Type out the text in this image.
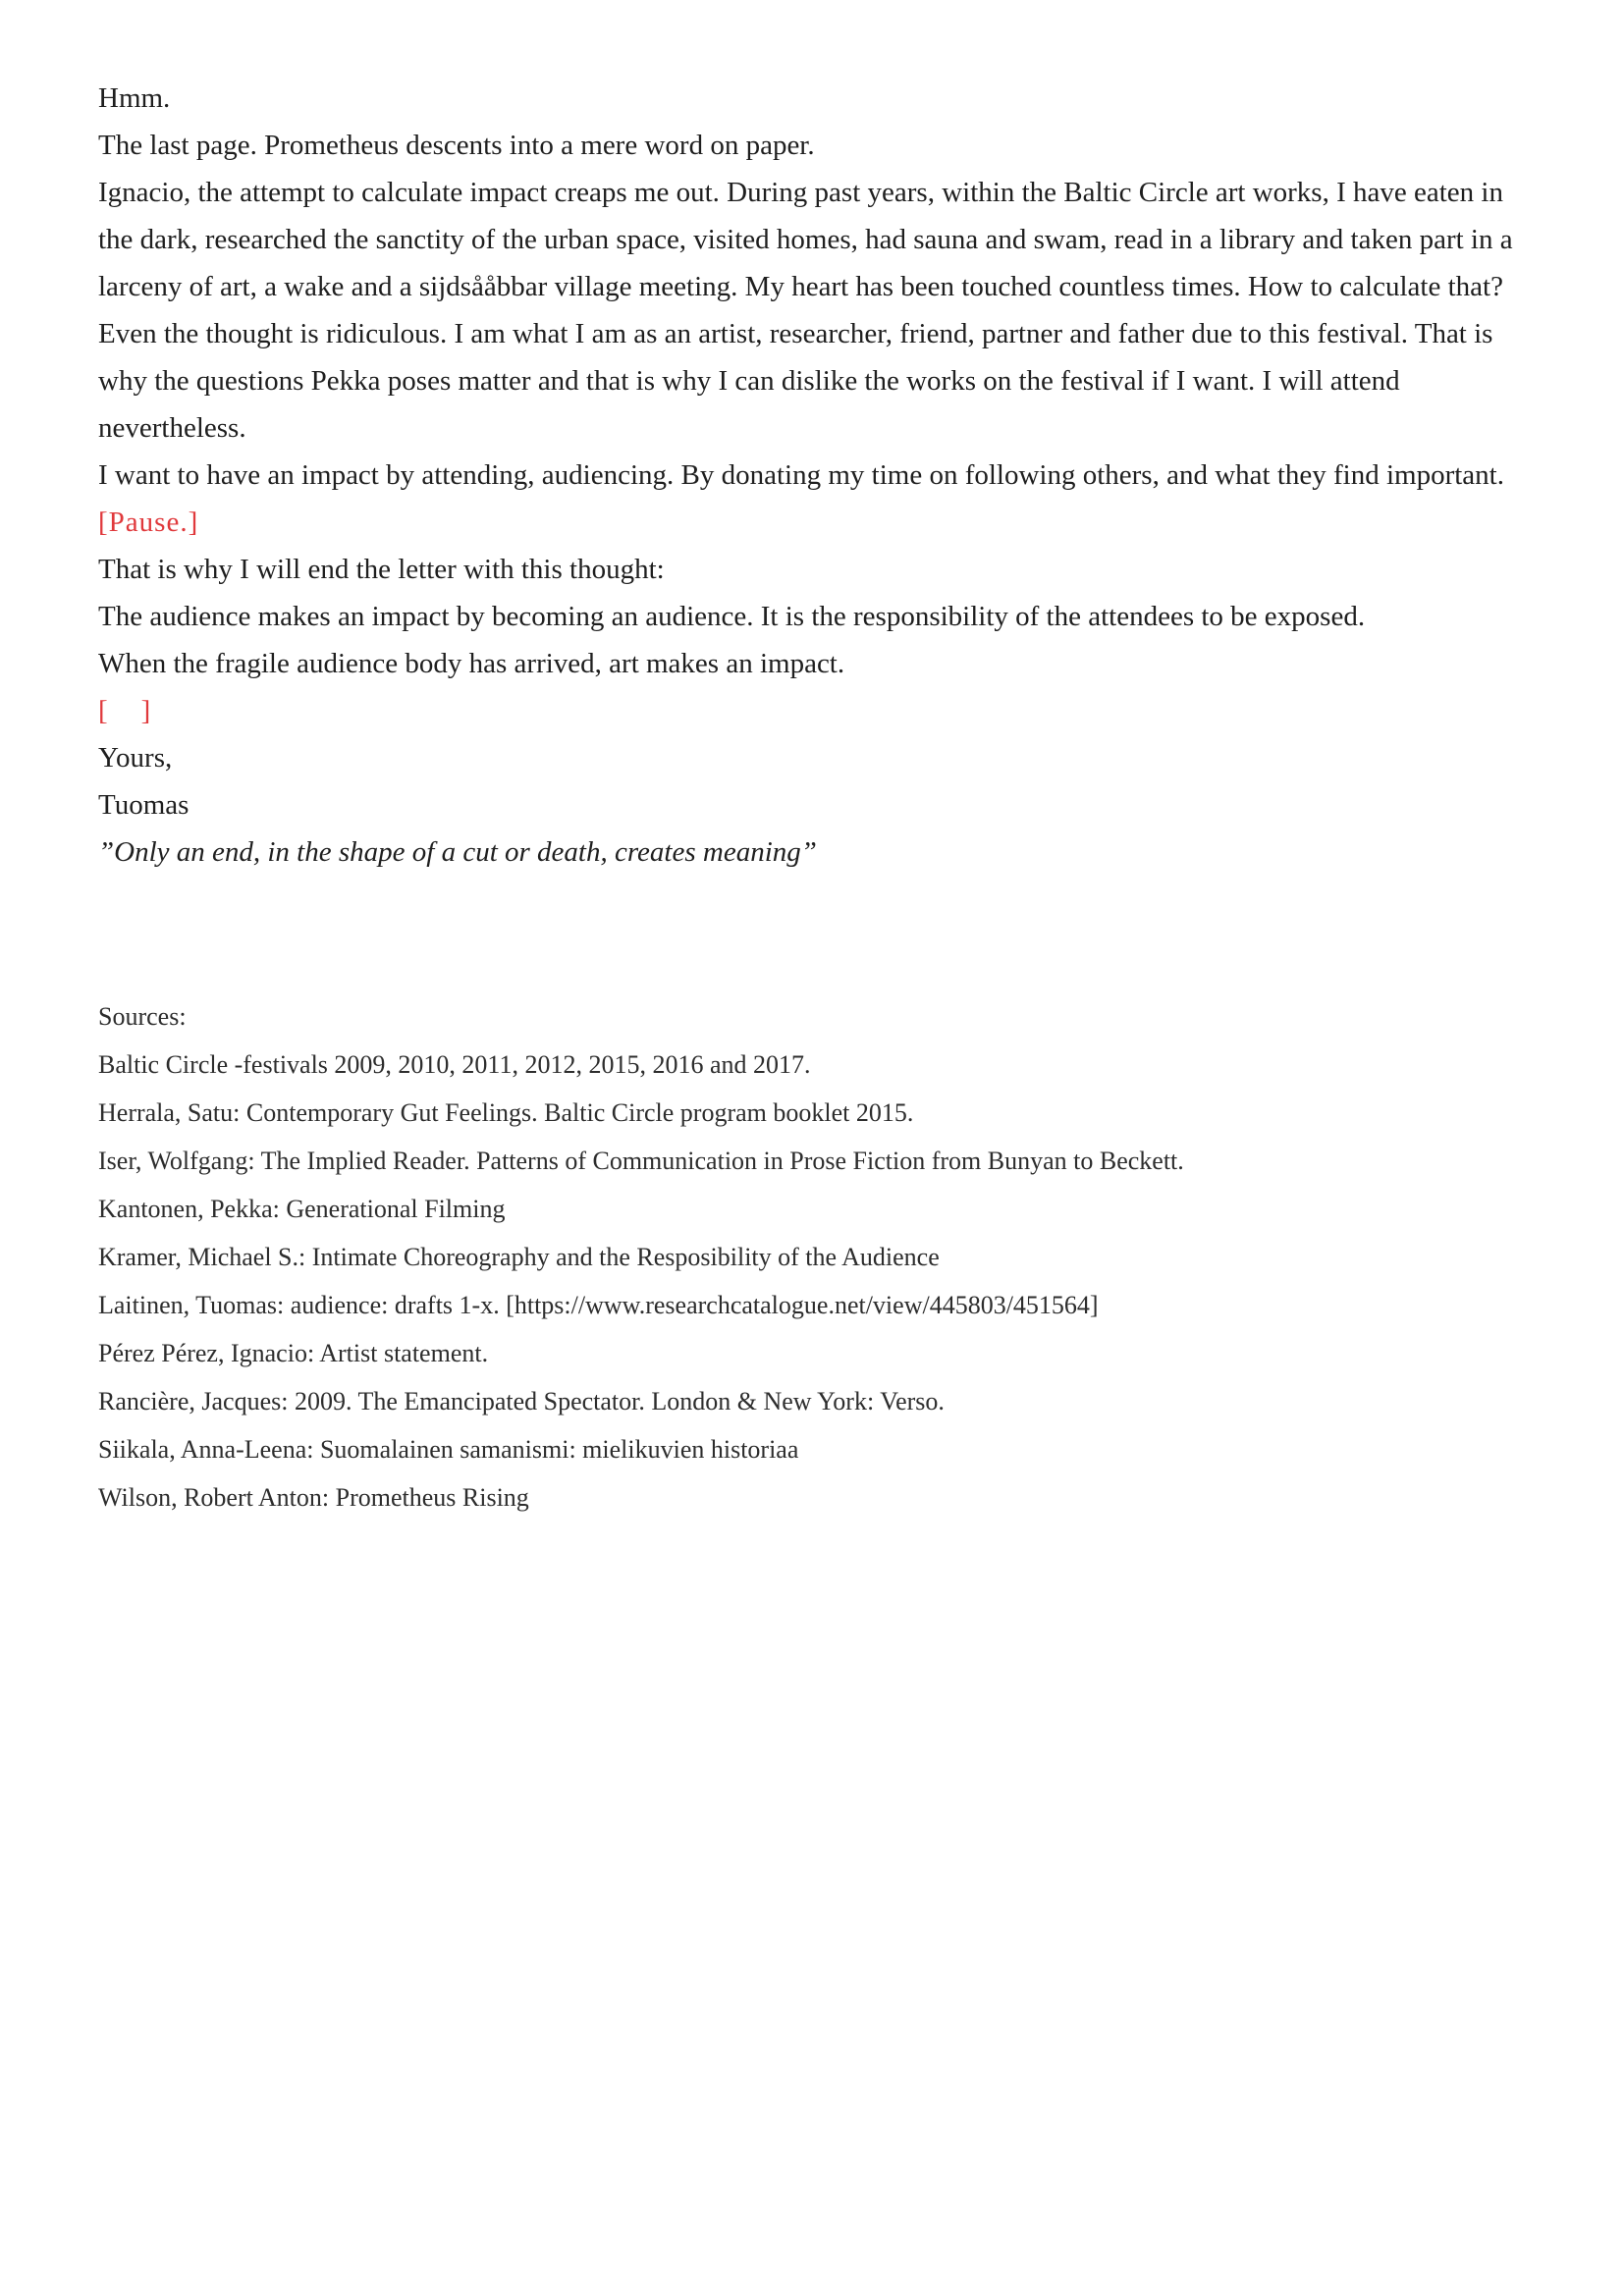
Hmm.

The last page. Prometheus descents into a mere word on paper.

Ignacio, the attempt to calculate impact creaps me out. During past years, within the Baltic Circle art works, I have eaten in the dark, researched the sanctity of the urban space, visited homes, had sauna and swam, read in a library and taken part in a larceny of art, a wake and a sijdsååbbar village meeting. My heart has been touched countless times. How to calculate that? Even the thought is ridiculous. I am what I am as an artist, researcher, friend, partner and father due to this festival. That is why the questions Pekka poses matter and that is why I can dislike the works on the festival if I want. I will attend nevertheless.

I want to have an impact by attending, audiencing. By donating my time on following others, and what they find important.

[Pause.]

That is why I will end the letter with this thought:

The audience makes an impact by becoming an audience. It is the responsibility of the attendees to be exposed.

When the fragile audience body has arrived, art makes an impact.

[    ]

Yours,

Tuomas

”Only an end, in the shape of a cut or death, creates meaning”

Sources:

Baltic Circle -festivals 2009, 2010, 2011, 2012, 2015, 2016 and 2017.

Herrala, Satu: Contemporary Gut Feelings. Baltic Circle program booklet 2015.

Iser, Wolfgang: The Implied Reader. Patterns of Communication in Prose Fiction from Bunyan to Beckett.

Kantonen, Pekka: Generational Filming

Kramer, Michael S.: Intimate Choreography and the Resposibility of the Audience

Laitinen, Tuomas: audience: drafts 1-x. [https://www.researchcatalogue.net/view/445803/451564]

Pérez Pérez, Ignacio: Artist statement.

Rancière, Jacques: 2009. The Emancipated Spectator. London & New York: Verso.

Siikala, Anna-Leena: Suomalainen samanismi: mielikuvien historiaa

Wilson, Robert Anton: Prometheus Rising
